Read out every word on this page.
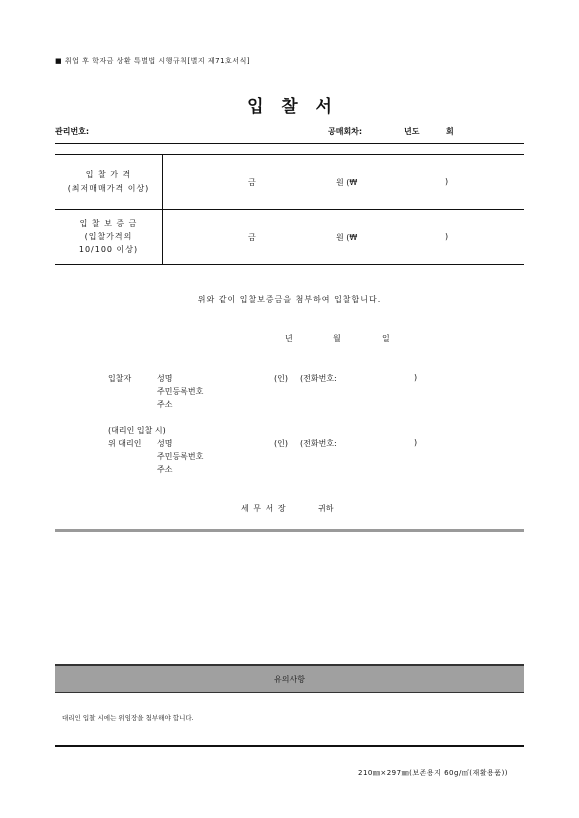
■ 취업 후 학자금 상환 특별법 시행규칙[별지 제71호서식]
입   찰   서
관리번호:	공매회차:	년도	회
입 찰 가 격
(최저매매가격 이상)
금	원 (₩	)
입 찰 보 증 금
(입찰가격의
10/100 이상)
금	원 (₩	)
위와 같이 입찰보증금을 첨부하여 입찰합니다.
년	월	일
입찰자	성명	(인) (전화번호:	)
주민등록번호
주소
(대리인 입찰 시)
위 대리인 성명	(인) (전화번호:	)
주민등록번호
주소
세 무 서 장	귀하
유의사항
대리인 입찰 시에는 위임장을 첨부해야 합니다.
210㎜×297㎜(보존용지 60g/㎡(재활용품))
